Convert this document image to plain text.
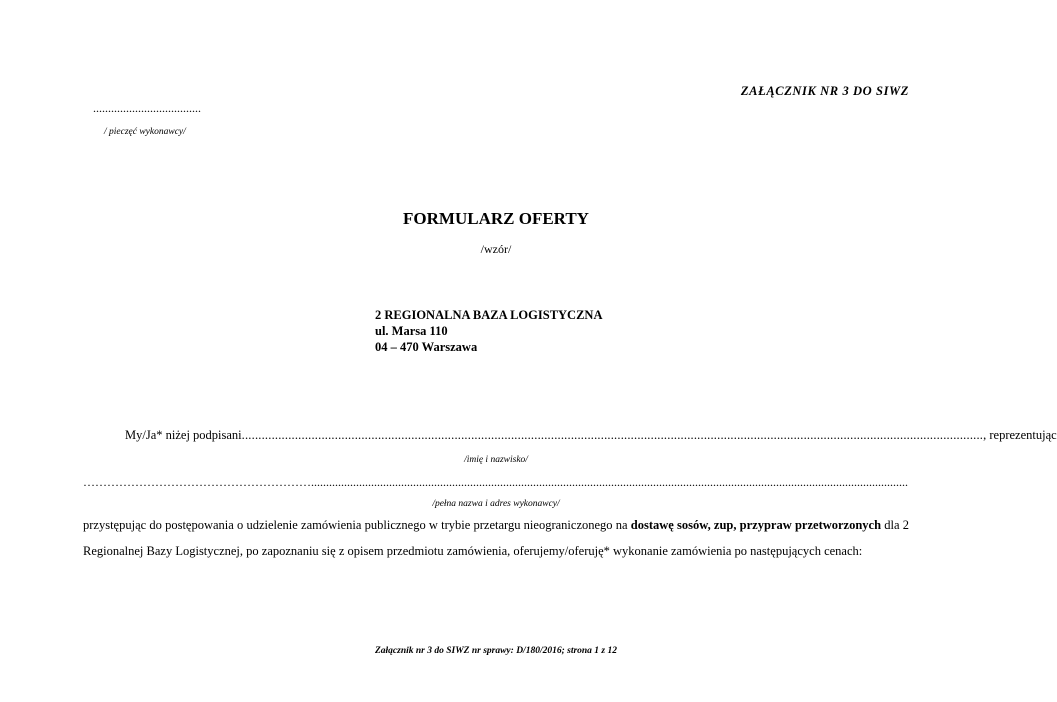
ZAŁĄCZNIK NR 3 DO SIWZ
....................................
/ pieczęć wykonawcy/
FORMULARZ OFERTY
/wzór/
2 REGIONALNA BAZA LOGISTYCZNA
ul. Marsa 110
04 – 470 Warszawa
My/Ja* niżej podpisani ............................................................................................................................................................................................................................... , reprezentując
/imię i nazwisko/
………………………………………………….......................................................................................................................................................................................................
/pełna nazwa i adres wykonawcy/
przystępując do postępowania o udzielenie zamówienia publicznego w trybie przetargu nieograniczonego na dostawę sosów, zup, przypraw przetworzonych dla 2 Regionalnej Bazy Logistycznej, po zapoznaniu się z opisem przedmiotu zamówienia, oferujemy/oferuję* wykonanie zamówienia po następujących cenach:
Załącznik nr 3 do SIWZ nr sprawy: D/180/2016; strona 1 z 12
